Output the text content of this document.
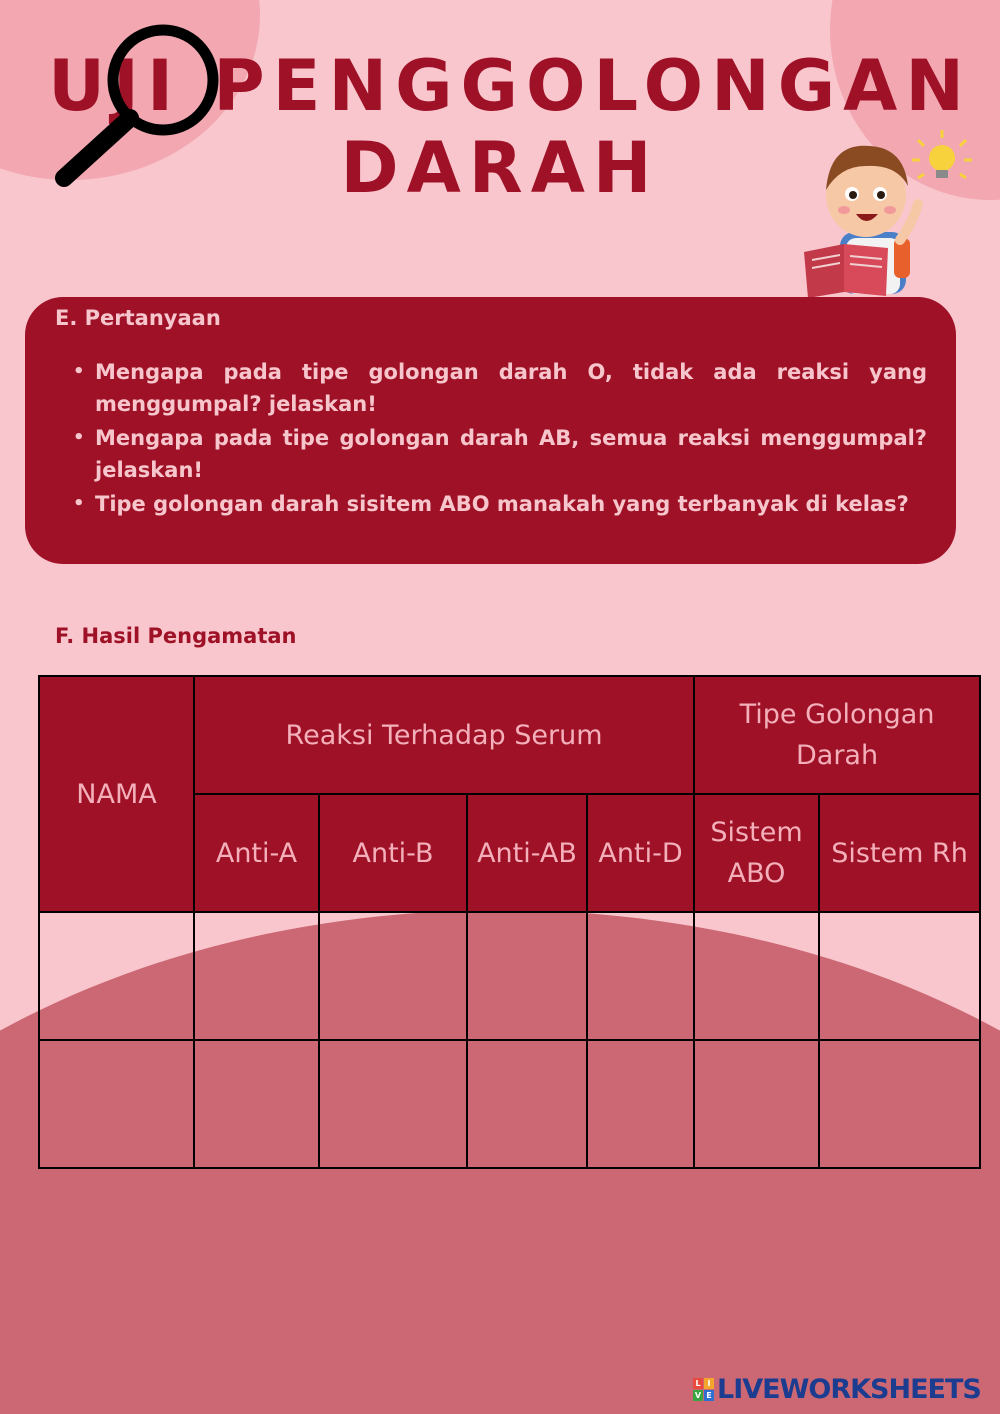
UJI PENGGOLONGAN
DARAH
E. Pertanyaan
• Mengapa pada tipe golongan darah O, tidak ada reaksi yang menggumpal? jelaskan!
• Mengapa pada tipe golongan darah AB, semua reaksi menggumpal? jelaskan!
• Tipe golongan darah sisitem ABO manakah yang terbanyak di kelas?
F. Hasil Pengamatan
NAMA	Reaksi Terhadap Serum				Tipe Golongan Darah	
	Anti-A	Anti-B	Anti-AB	Anti-D	Sistem ABO	Sistem Rh

L I
V E LIVEWORKSHEETS
